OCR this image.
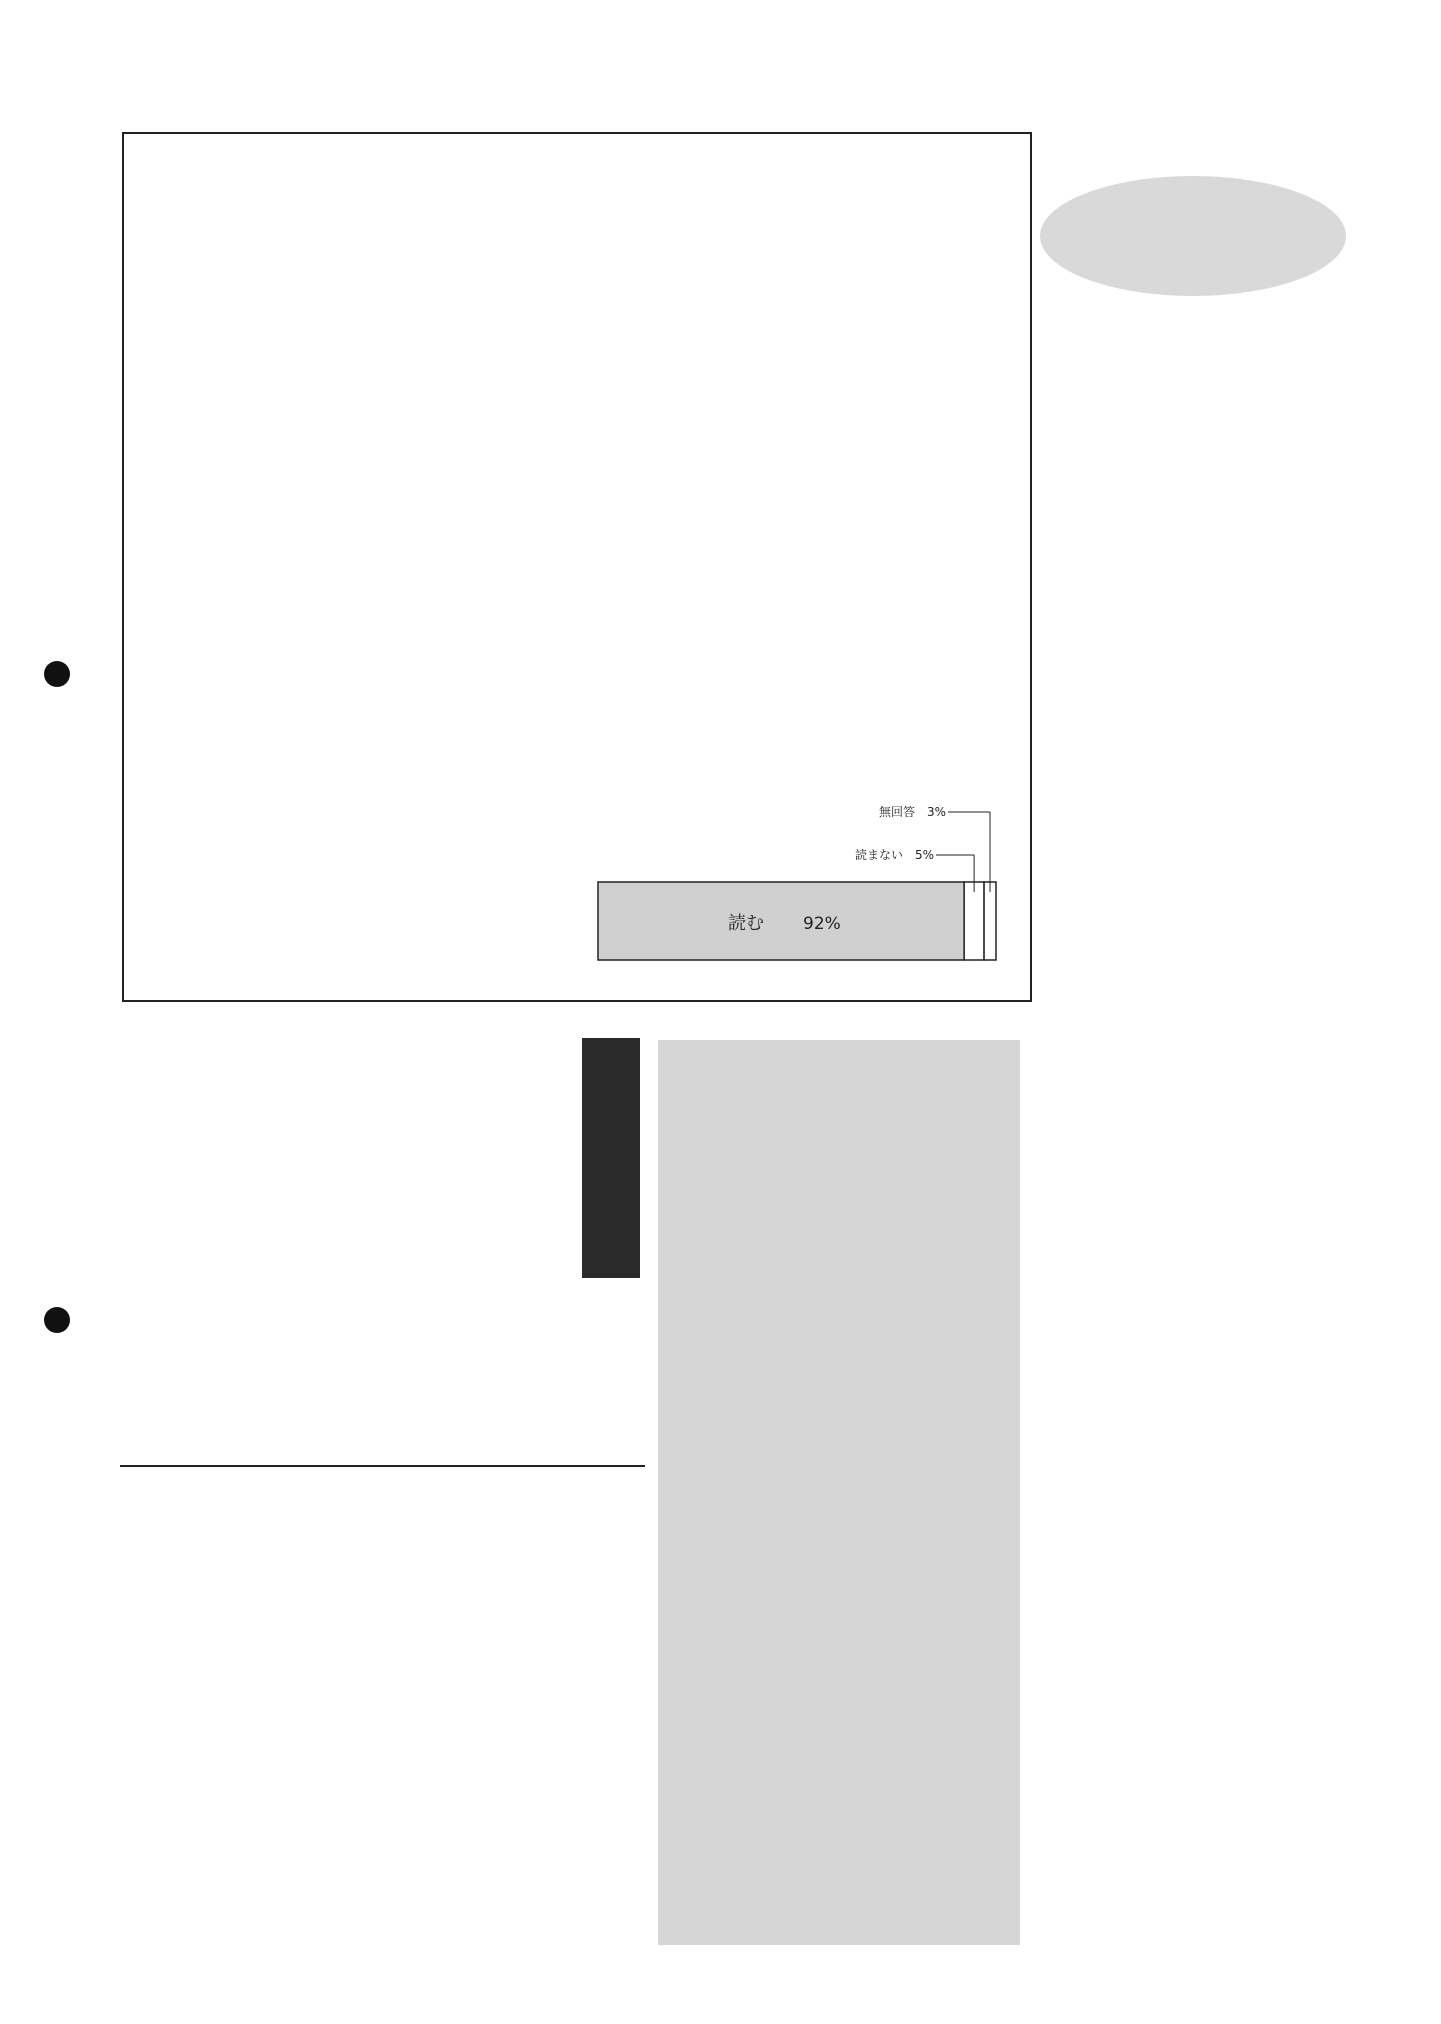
読む 92%
無回答　3%
読まない　5%
